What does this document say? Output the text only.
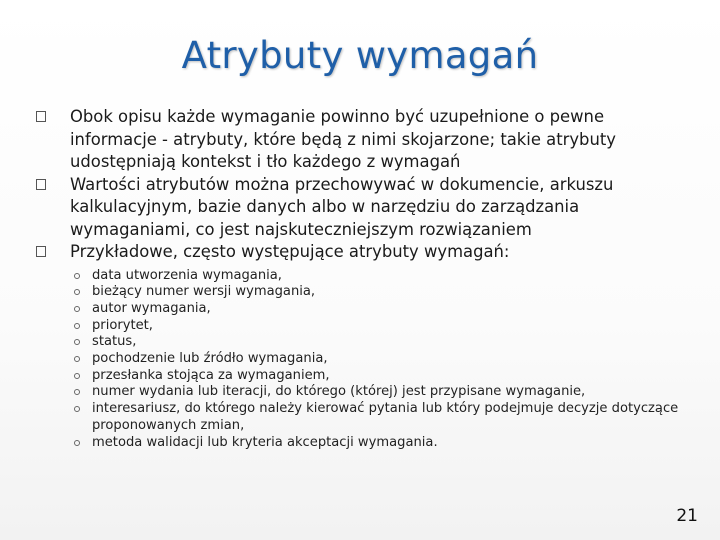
Atrybuty wymagań
Obok opisu każde wymaganie powinno być uzupełnione o pewne informacje - atrybuty, które będą z nimi skojarzone; takie atrybuty udostępniają kontekst i tło każdego z wymagań
Wartości atrybutów można przechowywać w dokumencie, arkuszu kalkulacyjnym, bazie danych albo w narzędziu do zarządzania wymaganiami, co jest najskuteczniejszym rozwiązaniem
Przykładowe, często występujące atrybuty wymagań:
data utworzenia wymagania,
bieżący numer wersji wymagania,
autor wymagania,
priorytet,
status,
pochodzenie lub źródło wymagania,
przesłanka stojąca za wymaganiem,
numer wydania lub iteracji, do którego (której) jest przypisane wymaganie,
interesariusz, do którego należy kierować pytania lub który podejmuje decyzje dotyczące proponowanych zmian,
metoda walidacji lub kryteria akceptacji wymagania.
21
